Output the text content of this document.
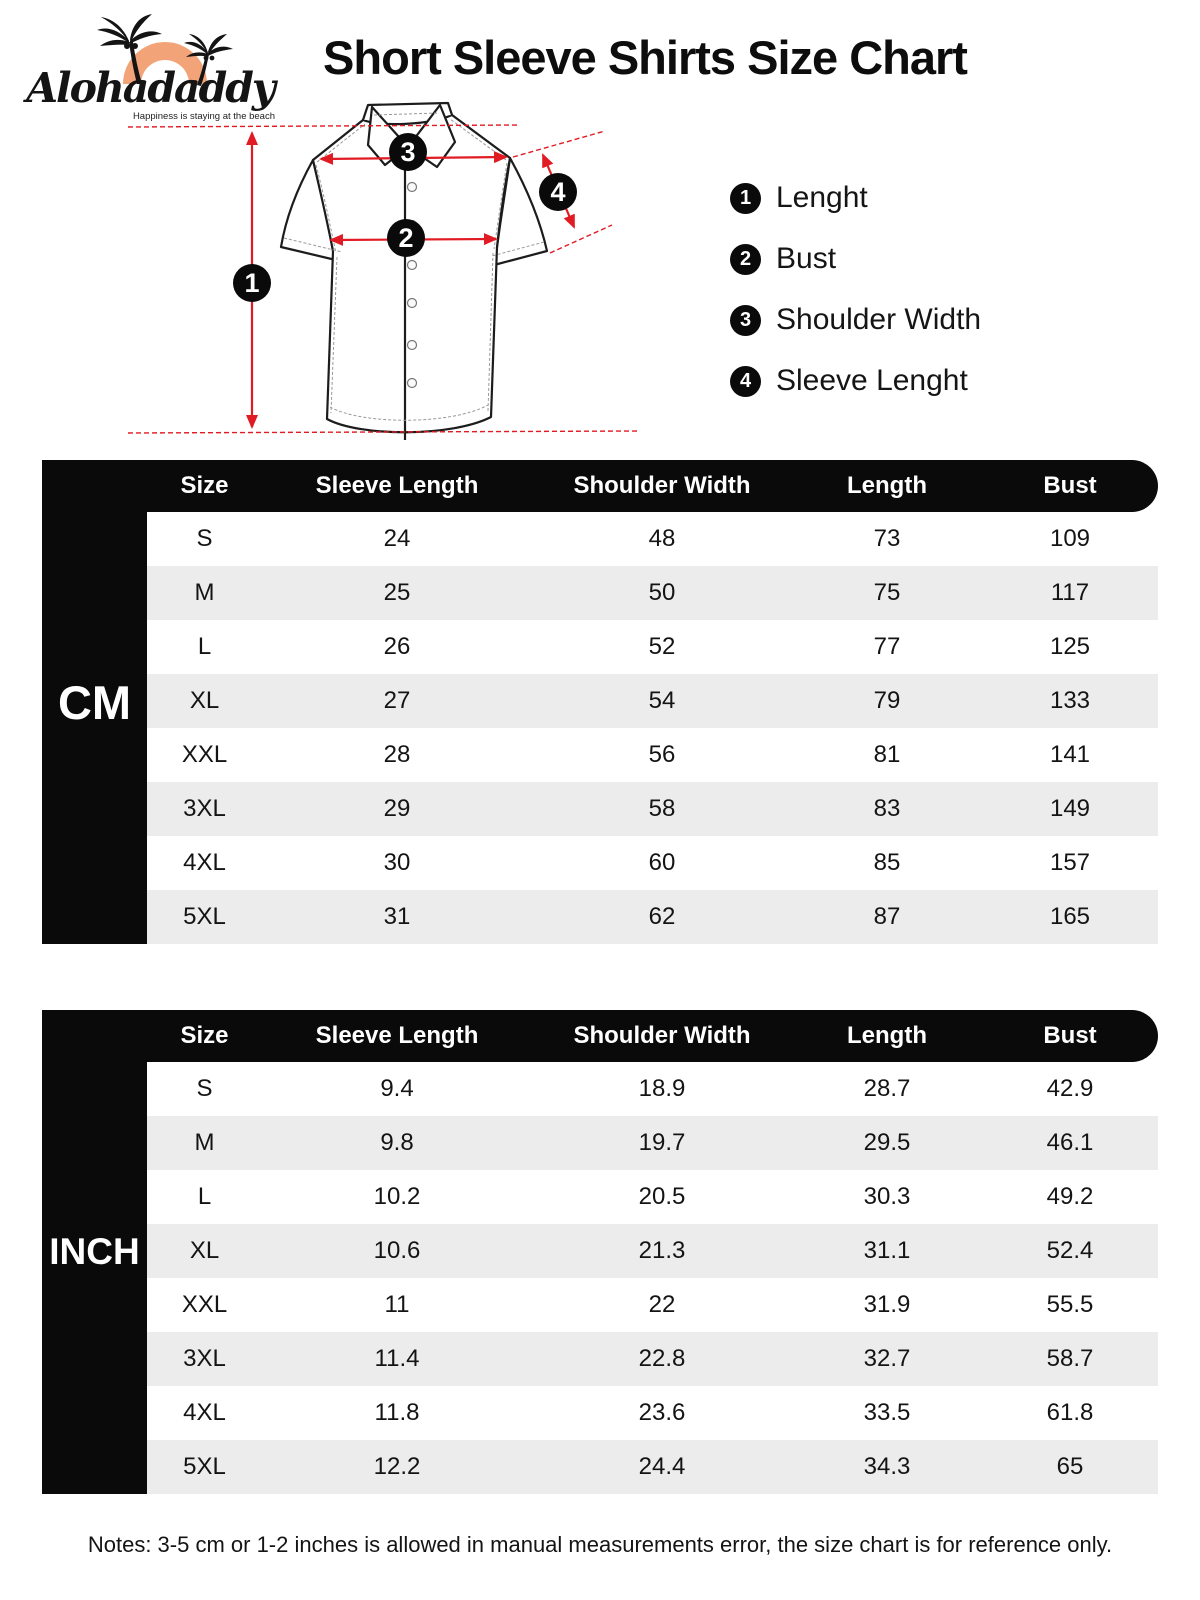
Alohadaddy
Happiness is staying at the beach
Short Sleeve Shirts Size Chart
1
2
3
4	1 Lenght
2 Bust
3 Shoulder Width
4 Sleeve Lenght
CM
Size	Sleeve Length	Shoulder Width	Length	Bust
S	24	48	73	109
M	25	50	75	117
L	26	52	77	125
XL	27	54	79	133
XXL	28	56	81	141
3XL	29	58	83	149
4XL	30	60	85	157
5XL	31	62	87	165
INCH
Size	Sleeve Length	Shoulder Width	Length	Bust
S	9.4	18.9	28.7	42.9
M	9.8	19.7	29.5	46.1
L	10.2	20.5	30.3	49.2
XL	10.6	21.3	31.1	52.4
XXL	11	22	31.9	55.5
3XL	11.4	22.8	32.7	58.7
4XL	11.8	23.6	33.5	61.8
5XL	12.2	24.4	34.3	65

Notes: 3-5 cm or 1-2 inches is allowed in manual measurements error, the size chart is for reference only.
